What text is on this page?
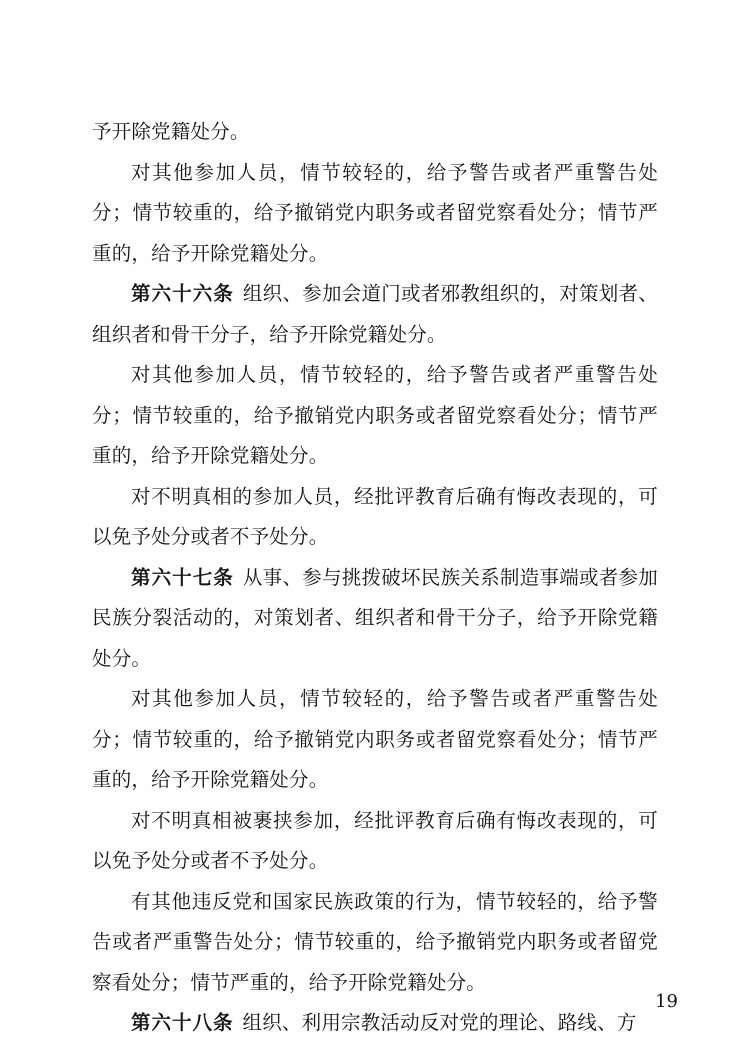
予开除党籍处分。

对其他参加人员，情节较轻的，给予警告或者严重警告处分；情节较重的，给予撤销党内职务或者留党察看处分；情节严重的，给予开除党籍处分。

第六十六条 组织、参加会道门或者邪教组织的，对策划者、组织者和骨干分子，给予开除党籍处分。

对其他参加人员，情节较轻的，给予警告或者严重警告处分；情节较重的，给予撤销党内职务或者留党察看处分；情节严重的，给予开除党籍处分。

对不明真相的参加人员，经批评教育后确有悔改表现的，可以免予处分或者不予处分。

第六十七条 从事、参与挑拨破坏民族关系制造事端或者参加民族分裂活动的，对策划者、组织者和骨干分子，给予开除党籍处分。

对其他参加人员，情节较轻的，给予警告或者严重警告处分；情节较重的，给予撤销党内职务或者留党察看处分；情节严重的，给予开除党籍处分。

对不明真相被裹挟参加，经批评教育后确有悔改表现的，可以免予处分或者不予处分。

有其他违反党和国家民族政策的行为，情节较轻的，给予警告或者严重警告处分；情节较重的，给予撤销党内职务或者留党察看处分；情节严重的，给予开除党籍处分。

第六十八条 组织、利用宗教活动反对党的理论、路线、方

19
